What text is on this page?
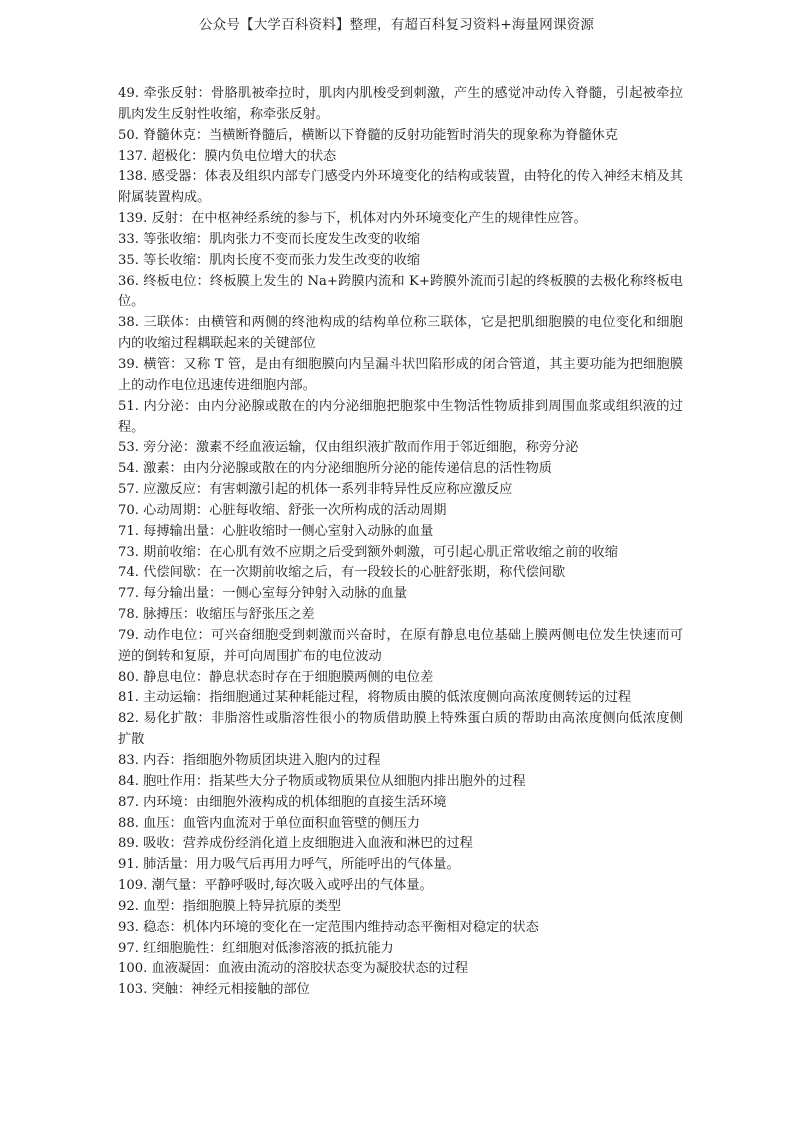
公众号【大学百科资料】整理，有超百科复习资料+海量网课资源

49. 牵张反射：骨胳肌被牵拉时，肌肉内肌梭受到刺激，产生的感觉冲动传入脊髓，引起被牵拉肌肉发生反射性收缩，称牵张反射。

50. 脊髓休克：当横断脊髓后，横断以下脊髓的反射功能暂时消失的现象称为脊髓休克

137. 超极化：膜内负电位增大的状态

138. 感受器：体表及组织内部专门感受内外环境变化的结构或装置，由特化的传入神经末梢及其附属装置构成。

139. 反射：在中枢神经系统的参与下，机体对内外环境变化产生的规律性应答。

33. 等张收缩：肌肉张力不变而长度发生改变的收缩

35. 等长收缩：肌肉长度不变而张力发生改变的收缩

36. 终板电位：终板膜上发生的 Na+跨膜内流和 K+跨膜外流而引起的终板膜的去极化称终板电位。

38. 三联体：由横管和两侧的终池构成的结构单位称三联体，它是把肌细胞膜的电位变化和细胞内的收缩过程耦联起来的关键部位

39. 横管：又称 T 管，是由有细胞膜向内呈漏斗状凹陷形成的闭合管道，其主要功能为把细胞膜上的动作电位迅速传进细胞内部。

51. 内分泌：由内分泌腺或散在的内分泌细胞把胞浆中生物活性物质排到周围血浆或组织液的过程。

53. 旁分泌：激素不经血液运输，仅由组织液扩散而作用于邻近细胞，称旁分泌

54. 激素：由内分泌腺或散在的内分泌细胞所分泌的能传递信息的活性物质

57. 应激反应：有害刺激引起的机体一系列非特异性反应称应激反应

70. 心动周期：心脏每收缩、舒张一次所构成的活动周期

71. 每搏输出量：心脏收缩时一侧心室射入动脉的血量

73. 期前收缩：在心肌有效不应期之后受到额外刺激，可引起心肌正常收缩之前的收缩

74. 代偿间歇：在一次期前收缩之后，有一段较长的心脏舒张期，称代偿间歇

77. 每分输出量：一侧心室每分钟射入动脉的血量

78. 脉搏压：收缩压与舒张压之差

79. 动作电位：可兴奋细胞受到刺激而兴奋时，在原有静息电位基础上膜两侧电位发生快速而可逆的倒转和复原，并可向周围扩布的电位波动

80. 静息电位：静息状态时存在于细胞膜两侧的电位差

81. 主动运输：指细胞通过某种耗能过程，将物质由膜的低浓度侧向高浓度侧转运的过程

82. 易化扩散：非脂溶性或脂溶性很小的物质借助膜上特殊蛋白质的帮助由高浓度侧向低浓度侧扩散

83. 内吞：指细胞外物质团块进入胞内的过程

84. 胞吐作用：指某些大分子物质或物质果位从细胞内排出胞外的过程

87. 内环境：由细胞外液构成的机体细胞的直接生活环境

88. 血压：血管内血流对于单位面积血管壁的侧压力

89. 吸收：营养成份经消化道上皮细胞进入血液和淋巴的过程

91. 肺活量：用力吸气后再用力呼气，所能呼出的气体量。

109. 潮气量：平静呼吸时,每次吸入或呼出的气体量。

92. 血型：指细胞膜上特异抗原的类型

93. 稳态：机体内环境的变化在一定范围内维持动态平衡相对稳定的状态

97. 红细胞脆性：红细胞对低渗溶液的抵抗能力

100. 血液凝固：血液由流动的溶胶状态变为凝胶状态的过程

103. 突触：神经元相接触的部位
